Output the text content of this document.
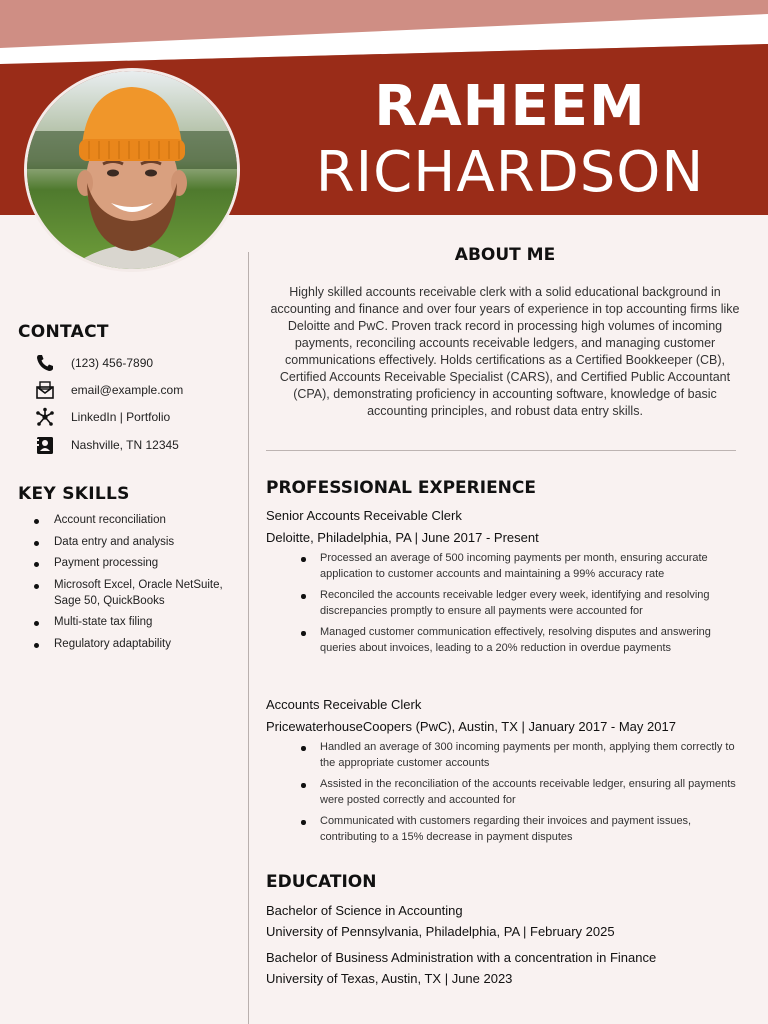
RAHEEM
RICHARDSON
CONTACT
(123) 456-7890
email@example.com
LinkedIn | Portfolio
Nashville, TN 12345
KEY SKILLS
Account reconciliation
Data entry and analysis
Payment processing
Microsoft Excel, Oracle NetSuite, Sage 50, QuickBooks
Multi-state tax filing
Regulatory adaptability
ABOUT ME

Highly skilled accounts receivable clerk with a solid educational background in accounting and finance and over four years of experience in top accounting firms like Deloitte and PwC. Proven track record in processing high volumes of incoming payments, reconciling accounts receivable ledgers, and managing customer communications effectively. Holds certifications as a Certified Bookkeeper (CB), Certified Accounts Receivable Specialist (CARS), and Certified Public Accountant (CPA), demonstrating proficiency in accounting software, knowledge of basic accounting principles, and robust data entry skills.

PROFESSIONAL EXPERIENCE
Senior Accounts Receivable Clerk
Deloitte, Philadelphia, PA | June 2017 - Present
Processed an average of 500 incoming payments per month, ensuring accurate application to customer accounts and maintaining a 99% accuracy rate
Reconciled the accounts receivable ledger every week, identifying and resolving discrepancies promptly to ensure all payments were accounted for
Managed customer communication effectively, resolving disputes and answering queries about invoices, leading to a 20% reduction in overdue payments
Accounts Receivable Clerk
PricewaterhouseCoopers (PwC), Austin, TX | January 2017 - May 2017
Handled an average of 300 incoming payments per month, applying them correctly to the appropriate customer accounts
Assisted in the reconciliation of the accounts receivable ledger, ensuring all payments were posted correctly and accounted for
Communicated with customers regarding their invoices and payment issues, contributing to a 15% decrease in payment disputes
EDUCATION
Bachelor of Science in Accounting
University of Pennsylvania, Philadelphia, PA | February 2025
Bachelor of Business Administration with a concentration in Finance
University of Texas, Austin, TX | June 2023
